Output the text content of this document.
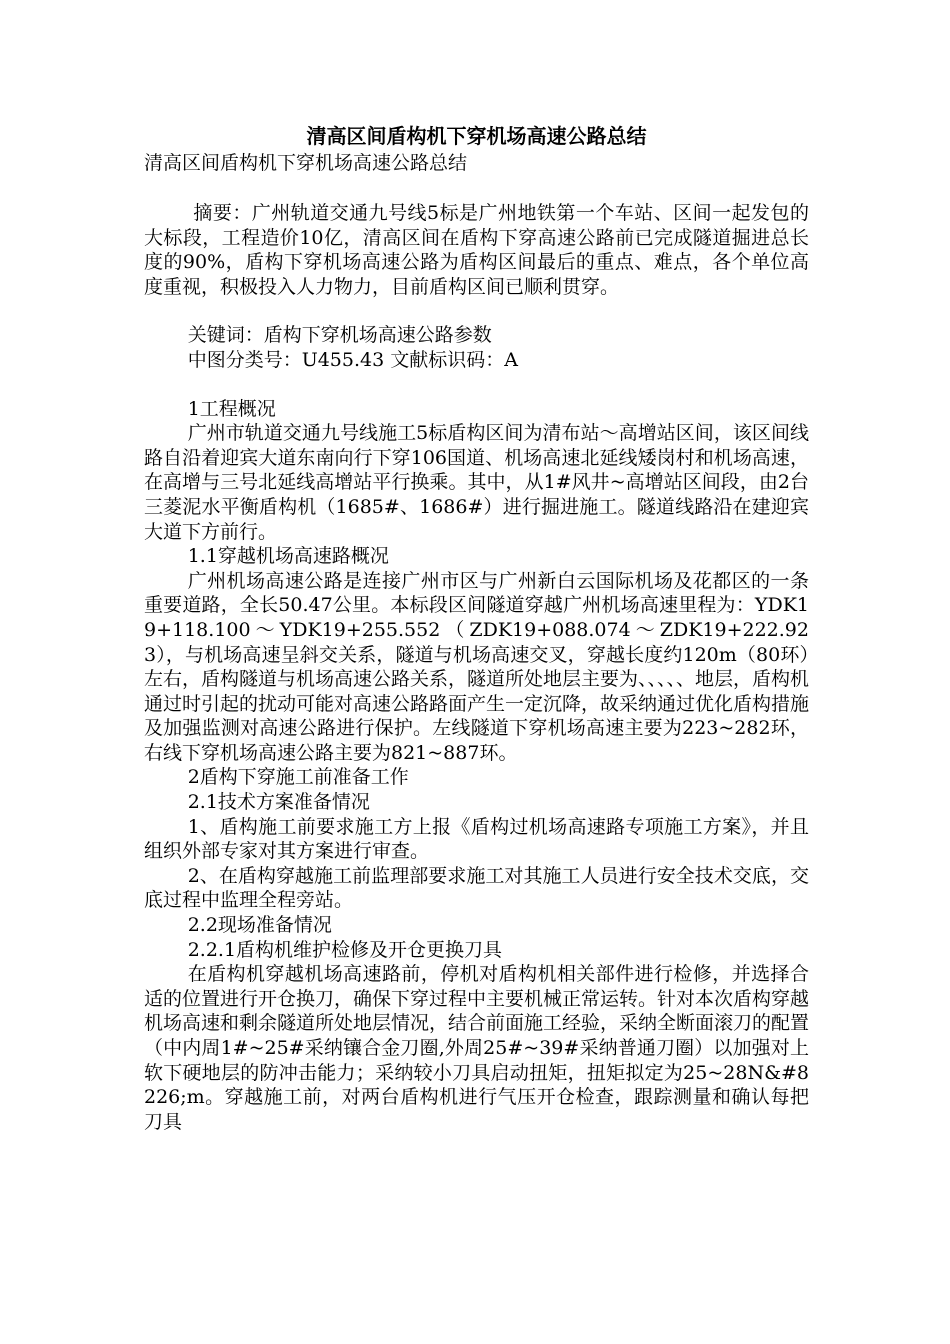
清高区间盾构机下穿机场高速公路总结

清高区间盾构机下穿机场高速公路总结

摘要：广州轨道交通九号线5标是广州地铁第一个车站、区间一起发包的大标段，工程造价10亿，清高区间在盾构下穿高速公路前已完成隧道掘进总长度的90%，盾构下穿机场高速公路为盾构区间最后的重点、难点，各个单位高度重视，积极投入人力物力，目前盾构区间已顺利贯穿。

关键词：盾构下穿机场高速公路参数

中图分类号：U455.43 文献标识码：A

1工程概况

广州市轨道交通九号线施工5标盾构区间为清布站～高增站区间，该区间线路自沿着迎宾大道东南向行下穿106国道、机场高速北延线矮岗村和机场高速，在高增与三号北延线高增站平行换乘。其中，从1#风井~高增站区间段，由2台三菱泥水平衡盾构机（1685#、1686#）进行掘进施工。隧道线路沿在建迎宾大道下方前行。

1.1穿越机场高速路概况

广州机场高速公路是连接广州市区与广州新白云国际机场及花都区的一条重要道路，全长50.47公里。本标段区间隧道穿越广州机场高速里程为：YDK19+118.100～YDK19+255.552（ZDK19+088.074～ZDK19+222.923），与机场高速呈斜交关系，隧道与机场高速交叉，穿越长度约120m（80环）左右，盾构隧道与机场高速公路关系，隧道所处地层主要为、、、、、地层，盾构机通过时引起的扰动可能对高速公路路面产生一定沉降，故采纳通过优化盾构措施及加强监测对高速公路进行保护。左线隧道下穿机场高速主要为223~282环，右线下穿机场高速公路主要为821~887环。

2盾构下穿施工前准备工作

2.1技术方案准备情况

1、盾构施工前要求施工方上报《盾构过机场高速路专项施工方案》，并且组织外部专家对其方案进行审查。

2、在盾构穿越施工前监理部要求施工对其施工人员进行安全技术交底，交底过程中监理全程旁站。

2.2现场准备情况

2.2.1盾构机维护检修及开仓更换刀具

在盾构机穿越机场高速路前，停机对盾构机相关部件进行检修，并选择合适的位置进行开仓换刀，确保下穿过程中主要机械正常运转。针对本次盾构穿越机场高速和剩余隧道所处地层情况，结合前面施工经验，采纳全断面滚刀的配置（中内周1#~25#采纳镶合金刀圈,外周25#~39#采纳普通刀圈）以加强对上软下硬地层的防冲击能力；采纳较小刀具启动扭矩，扭矩拟定为25~28N&#8226;m。穿越施工前，对两台盾构机进行气压开仓检查，跟踪测量和确认每把刀具
